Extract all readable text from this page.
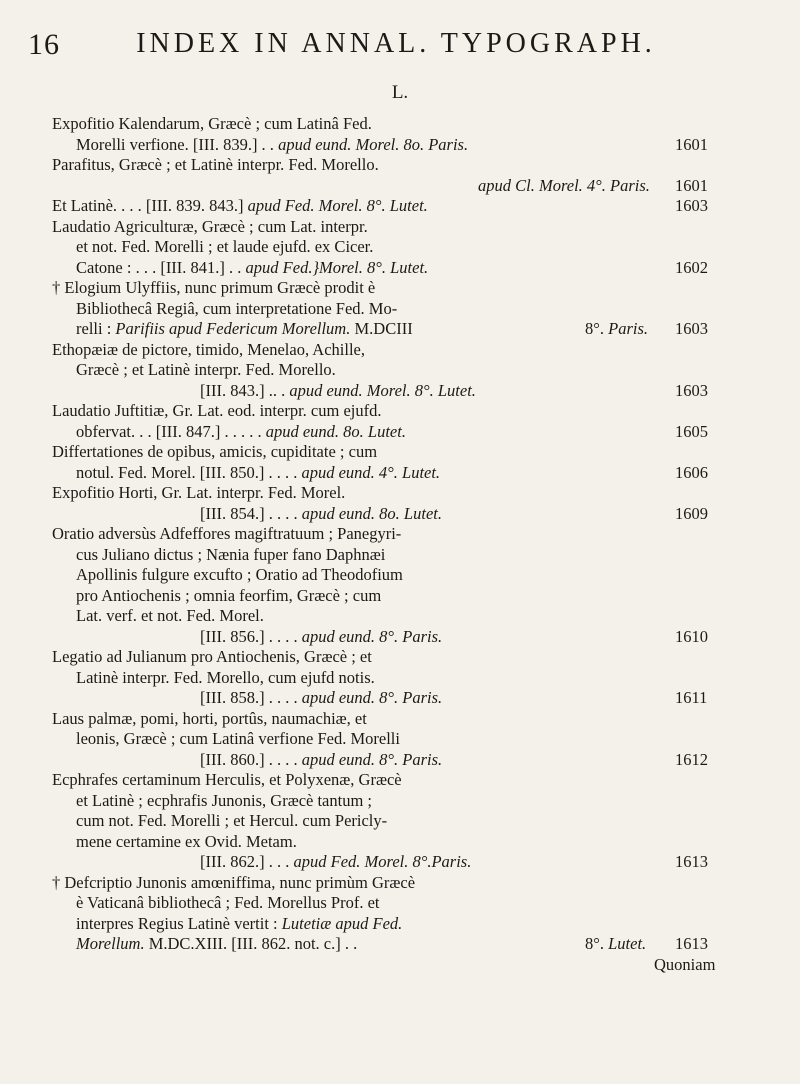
16	INDEX IN ANNAL. TYPOGRAPH.
L.
Expofitio Kalendarum, Græcè ; cum Latinâ Fed.
Morelli verfione. [III. 839.] . . apud eund. Morel. 8o. Paris.	1601
Parafitus, Græcè ; et Latinè interpr. Fed. Morello.
apud Cl. Morel. 4°. Paris. 1601
Et Latinè. . . . [III. 839. 843.] apud Fed. Morel. 8°. Lutet.	1603
Laudatio Agriculturæ, Græcè ; cum Lat. interpr.
et not. Fed. Morelli ; et laude ejufd. ex Cicer.
Catone : . . . [III. 841.] . . apud Fed.}Morel. 8°. Lutet.	1602
† Elogium Ulyffiis, nunc primum Græcè prodit è
Bibliothecâ Regiâ, cum interpretatione Fed. Mo-
relli : Parifiis apud Federicum Morellum. M.DCIII	8°. Paris. 1603
Ethopæiæ de pictore, timido, Menelao, Achille,
Græcè ; et Latinè interpr. Fed. Morello.
[III. 843.] .. . apud eund. Morel. 8°. Lutet.	1603
Laudatio Juftitiæ, Gr. Lat. eod. interpr. cum ejufd.
obfervat. . . [III. 847.] . . . . . apud eund. 8o. Lutet.	1605
Differtationes de opibus, amicis, cupiditate ; cum
notul. Fed. Morel. [III. 850.] . . . . apud eund. 4°. Lutet.	1606
Expofitio Horti, Gr. Lat. interpr. Fed. Morel.
[III. 854.] . . . . apud eund. 8o. Lutet.	1609
Oratio adversùs Adfeffores magiftratuum ; Panegyri-
cus Juliano dictus ; Nænia fuper fano Daphnæi
Apollinis fulgure excufto ; Oratio ad Theodofium
pro Antiochenis ; omnia feorfim, Græcè ; cum
Lat. verf. et not. Fed. Morel.
[III. 856.] . . . . apud eund. 8°. Paris.	1610
Legatio ad Julianum pro Antiochenis, Græcè ; et
Latinè interpr. Fed. Morello, cum ejufd notis.
[III. 858.] . . . . apud eund. 8°. Paris.	1611
Laus palmæ, pomi, horti, portûs, naumachiæ, et
leonis, Græcè ; cum Latinâ verfione Fed. Morelli
[III. 860.] . . . . apud eund. 8°. Paris.	1612
Ecphrafes certaminum Herculis, et Polyxenæ, Græcè
et Latinè ; ecphrafis Junonis, Græcè tantum ;
cum not. Fed. Morelli ; et Hercul. cum Pericly-
mene certamine ex Ovid. Metam.
[III. 862.] . . . apud Fed. Morel. 8°.Paris.	1613
† Defcriptio Junonis amœniffima, nunc primùm Græcè
è Vaticanâ bibliothecâ ; Fed. Morellus Prof. et
interpres Regius Latinè vertit : Lutetiæ apud Fed.
Morellum. M.DC.XIII. [III. 862. not. c.] . .	8°. Lutet. 1613
Quoniam
